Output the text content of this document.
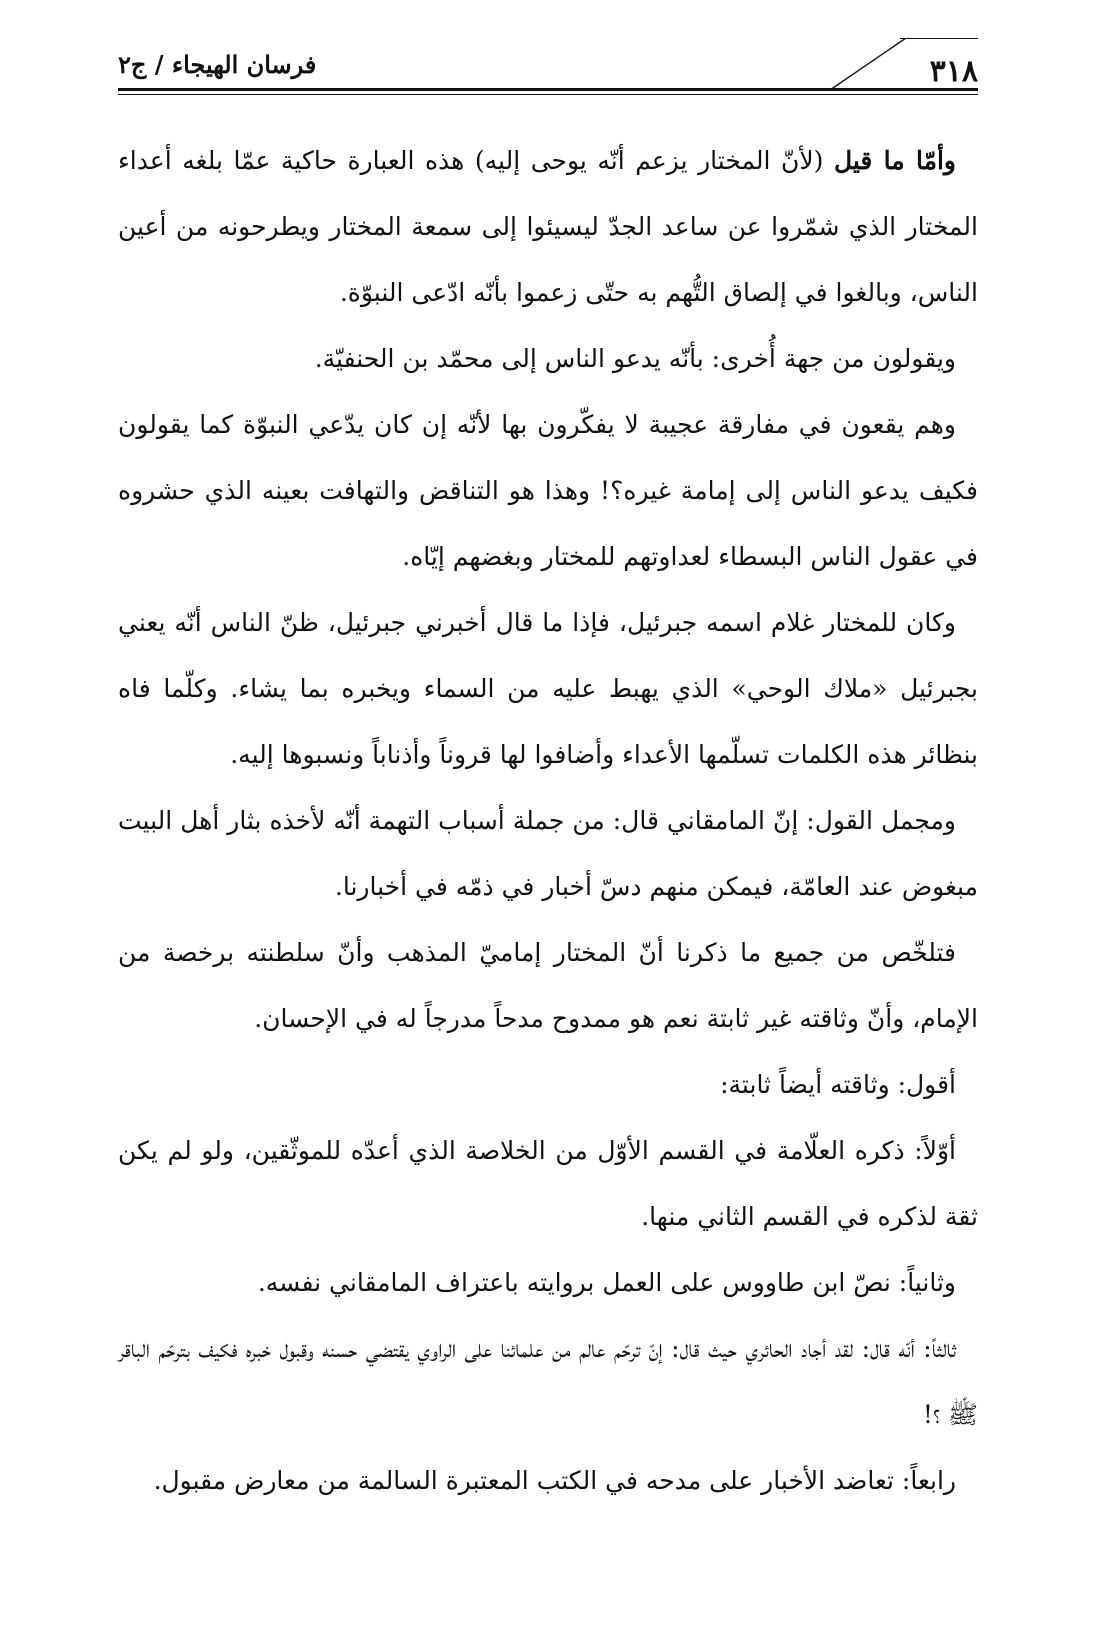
٣١٨
فرسان الهيجاء / ج٢

وأمّا ما قيل (لأنّ المختار يزعم أنّه يوحى إليه) هذه العبارة حاكية عمّا بلغه أعداء المختار الذي شمّروا عن ساعد الجدّ ليسيئوا إلى سمعة المختار ويطرحونه من أعين الناس، وبالغوا في إلصاق التُّهم به حتّى زعموا بأنّه ادّعى النبوّة.

ويقولون من جهة أُخرى: بأنّه يدعو الناس إلى محمّد بن الحنفيّة.

وهم يقعون في مفارقة عجيبة لا يفكّرون بها لأنّه إن كان يدّعي النبوّة كما يقولون فكيف يدعو الناس إلى إمامة غيره؟! وهذا هو التناقض والتهافت بعينه الذي حشروه في عقول الناس البسطاء لعداوتهم للمختار وبغضهم إيّاه.

وكان للمختار غلام اسمه جبرئيل، فإذا ما قال أخبرني جبرئيل، ظنّ الناس أنّه يعني بجبرئيل «ملاك الوحي» الذي يهبط عليه من السماء ويخبره بما يشاء. وكلّما فاه بنظائر هذه الكلمات تسلّمها الأعداء وأضافوا لها قروناً وأذناباً ونسبوها إليه.

ومجمل القول: إنّ المامقاني قال: من جملة أسباب التهمة أنّه لأخذه بثار أهل البيت مبغوض عند العامّة، فيمكن منهم دسّ أخبار في ذمّه في أخبارنا.

فتلخّص من جميع ما ذكرنا أنّ المختار إماميّ المذهب وأنّ سلطنته برخصة من الإمام، وأنّ وثاقته غير ثابتة نعم هو ممدوح مدحاً مدرجاً له في الإحسان.

أقول: وثاقته أيضاً ثابتة:

أوّلاً: ذكره العلّامة في القسم الأوّل من الخلاصة الذي أعدّه للموثّقين، ولو لم يكن ثقة لذكره في القسم الثاني منها.

وثانياً: نصّ ابن طاووس على العمل بروايته باعتراف المامقاني نفسه.

ثالثاً: أنّه قال: لقد أجاد الحائري حيث قال: إنّ ترحّم عالم من علمائنا على الراوي يقتضي حسنه وقبول خبره فكيف بترحّم الباقر ﷺ ؟!

رابعاً: تعاضد الأخبار على مدحه في الكتب المعتبرة السالمة من معارض مقبول.
